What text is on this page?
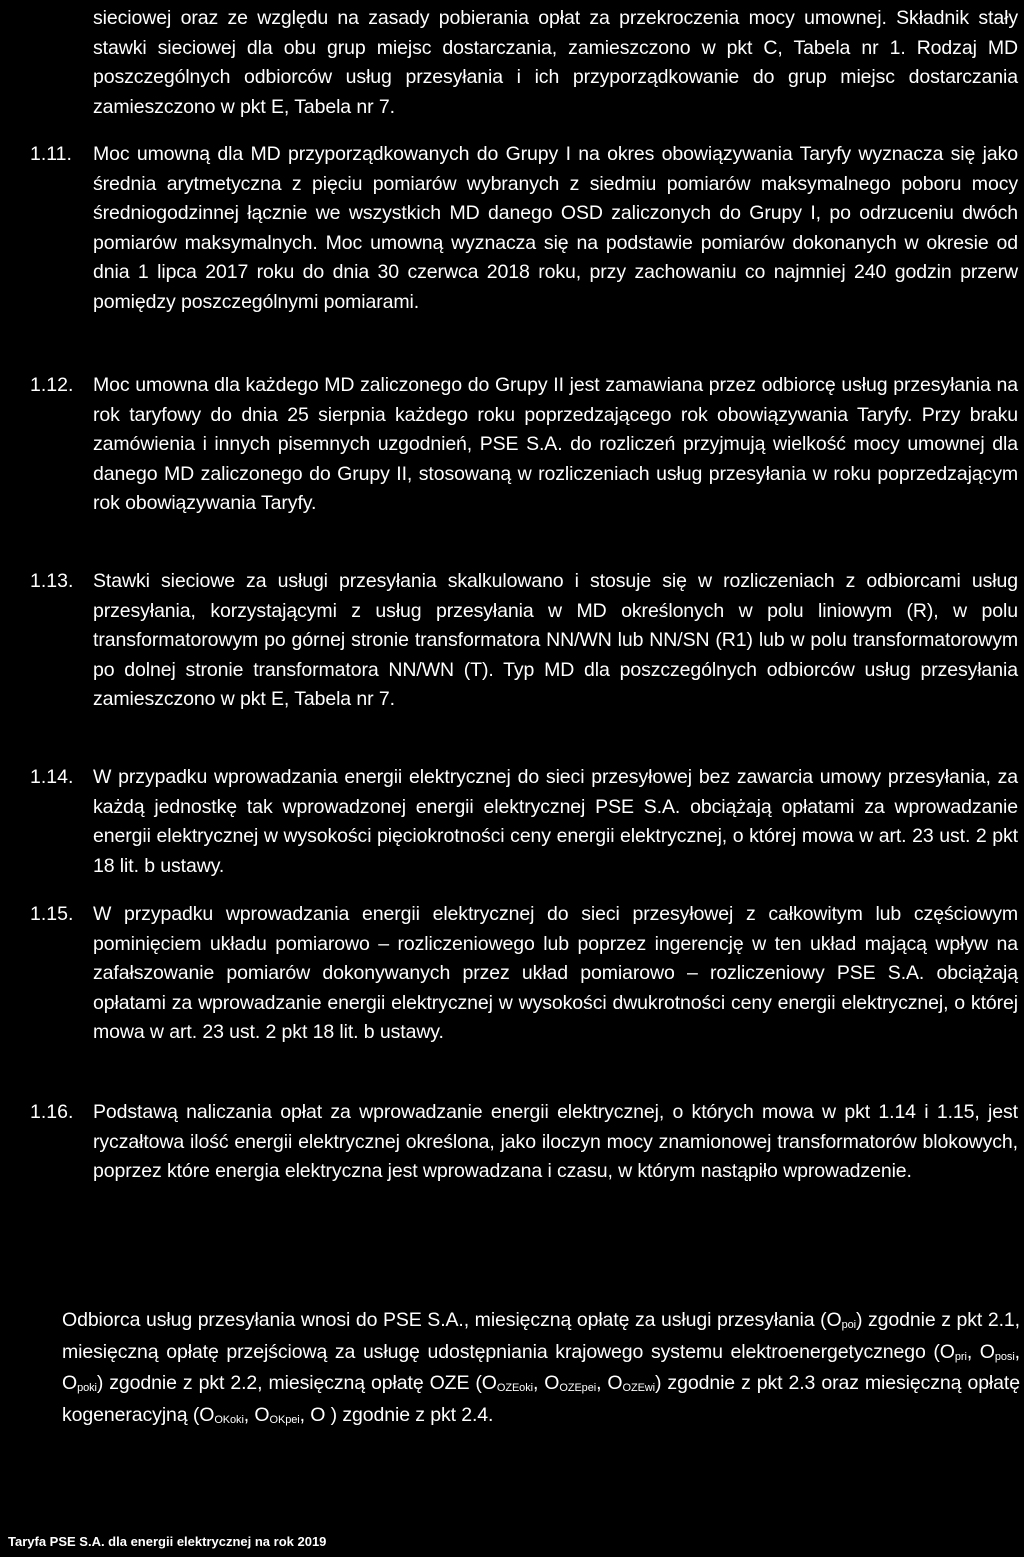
sieciowej oraz ze względu na zasady pobierania opłat za przekroczenia mocy umownej. Składnik stały stawki sieciowej dla obu grup miejsc dostarczania, zamieszczono w pkt C, Tabela nr 1. Rodzaj MD poszczególnych odbiorców usług przesyłania i ich przyporządkowanie do grup miejsc dostarczania zamieszczono w pkt E, Tabela nr 7.
1.11.	Moc umowną dla MD przyporządkowanych do Grupy I na okres obowiązywania Taryfy wyznacza się jako średnia arytmetyczna z pięciu pomiarów wybranych z siedmiu pomiarów maksymalnego poboru mocy średniogodzinnej łącznie we wszystkich MD danego OSD zaliczonych do Grupy I, po odrzuceniu dwóch pomiarów maksymalnych. Moc umowną wyznacza się na podstawie pomiarów dokonanych w okresie od dnia 1 lipca 2017 roku do dnia 30 czerwca 2018 roku, przy zachowaniu co najmniej 240 godzin przerw pomiędzy poszczególnymi pomiarami.
1.12.	Moc umowna dla każdego MD zaliczonego do Grupy II jest zamawiana przez odbiorcę usług przesyłania na rok taryfowy do dnia 25 sierpnia każdego roku poprzedzającego rok obowiązywania Taryfy. Przy braku zamówienia i innych pisemnych uzgodnień, PSE S.A. do rozliczeń przyjmują wielkość mocy umownej dla danego MD zaliczonego do Grupy II, stosowaną w rozliczeniach usług przesyłania w roku poprzedzającym rok obowiązywania Taryfy.
1.13.	Stawki sieciowe za usługi przesyłania skalkulowano i stosuje się w rozliczeniach z odbiorcami usług przesyłania, korzystającymi z usług przesyłania w MD określonych w polu liniowym (R), w polu transformatorowym po górnej stronie transformatora NN/WN lub NN/SN (R1) lub w polu transformatorowym po dolnej stronie transformatora NN/WN (T). Typ MD dla poszczególnych odbiorców usług przesyłania zamieszczono w pkt E, Tabela nr 7.
1.14.	W przypadku wprowadzania energii elektrycznej do sieci przesyłowej bez zawarcia umowy przesyłania, za każdą jednostkę tak wprowadzonej energii elektrycznej PSE S.A. obciążają opłatami za wprowadzanie energii elektrycznej w wysokości pięciokrotności ceny energii elektrycznej, o której mowa w art. 23 ust. 2 pkt 18 lit. b ustawy.
1.15.	W przypadku wprowadzania energii elektrycznej do sieci przesyłowej z całkowitym lub częściowym pominięciem układu pomiarowo – rozliczeniowego lub poprzez ingerencję w ten układ mającą wpływ na zafałszowanie pomiarów dokonywanych przez układ pomiarowo – rozliczeniowy PSE S.A. obciążają opłatami za wprowadzanie energii elektrycznej w wysokości dwukrotności ceny energii elektrycznej, o której mowa w art. 23 ust. 2 pkt 18 lit. b ustawy.
1.16.	Podstawą naliczania opłat za wprowadzanie energii elektrycznej, o których mowa w pkt 1.14 i 1.15, jest ryczałtowa ilość energii elektrycznej określona, jako iloczyn mocy znamionowej transformatorów blokowych, poprzez które energia elektryczna jest wprowadzana i czasu, w którym nastąpiło wprowadzenie.
Odbiorca usług przesyłania wnosi do PSE S.A., miesięczną opłatę za usługi przesyłania $(O_{poi})$ zgodnie z pkt 2.1, miesięczną opłatę przejściową za usługę udostępniania krajowego systemu elektroenergetycznego ($O_{pri}$, $O_{posi}$, $O_{poki}$) zgodnie z pkt 2.2, miesięczną opłatę OZE ($O_{OZEoki}$, $O_{OZEpei}$, $O_{OZEwi}$) zgodnie z pkt 2.3 oraz miesięczną opłatę kogeneracyjną ($O_{OKoki}$, $O_{OKpei}$, O ) zgodnie z pkt 2.4.
Taryfa PSE S.A. dla energii elektrycznej na rok 2019
